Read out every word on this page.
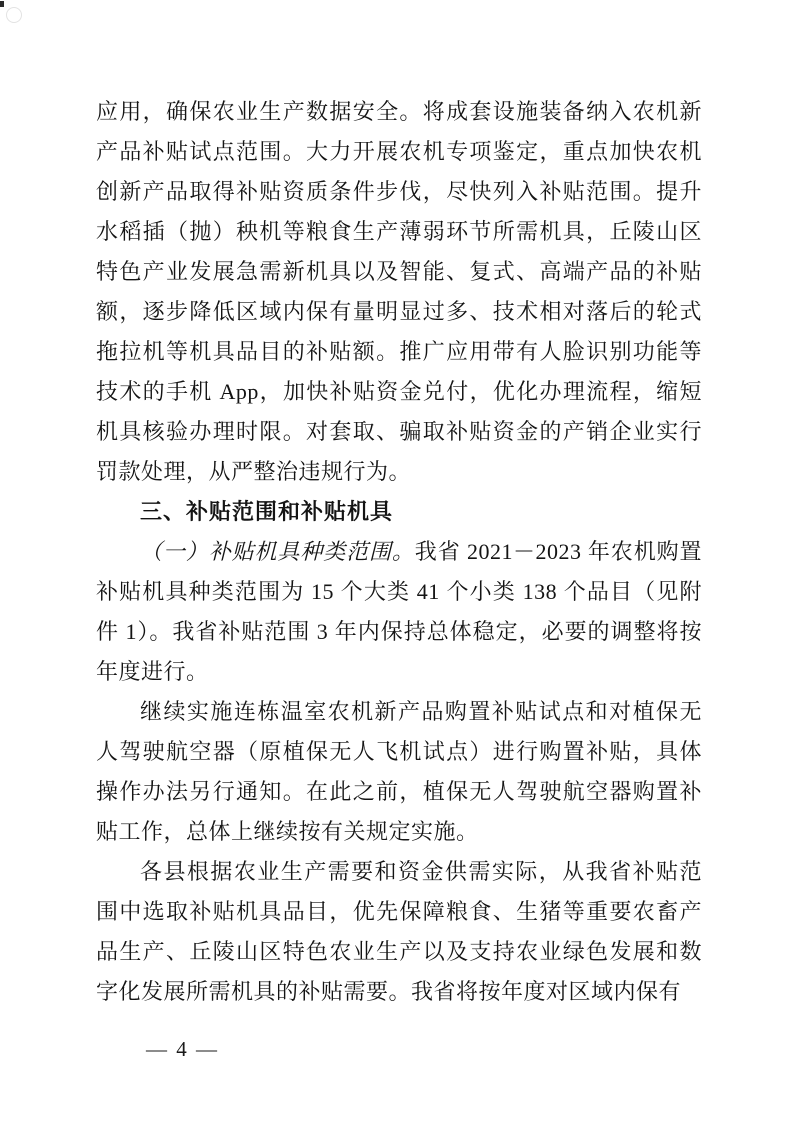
应用，确保农业生产数据安全。将成套设施装备纳入农机新产品补贴试点范围。大力开展农机专项鉴定，重点加快农机创新产品取得补贴资质条件步伐，尽快列入补贴范围。提升水稻插（抛）秧机等粮食生产薄弱环节所需机具，丘陵山区特色产业发展急需新机具以及智能、复式、高端产品的补贴额，逐步降低区域内保有量明显过多、技术相对落后的轮式拖拉机等机具品目的补贴额。推广应用带有人脸识别功能等技术的手机 App，加快补贴资金兑付，优化办理流程，缩短机具核验办理时限。对套取、骗取补贴资金的产销企业实行罚款处理，从严整治违规行为。

三、补贴范围和补贴机具

（一）补贴机具种类范围。我省 2021－2023 年农机购置补贴机具种类范围为 15 个大类 41 个小类 138 个品目（见附件 1）。我省补贴范围 3 年内保持总体稳定，必要的调整将按年度进行。

继续实施连栋温室农机新产品购置补贴试点和对植保无人驾驶航空器（原植保无人飞机试点）进行购置补贴，具体操作办法另行通知。在此之前，植保无人驾驶航空器购置补贴工作，总体上继续按有关规定实施。

各县根据农业生产需要和资金供需实际，从我省补贴范围中选取补贴机具品目，优先保障粮食、生猪等重要农畜产品生产、丘陵山区特色农业生产以及支持农业绿色发展和数字化发展所需机具的补贴需要。我省将按年度对区域内保有

— 4 —
